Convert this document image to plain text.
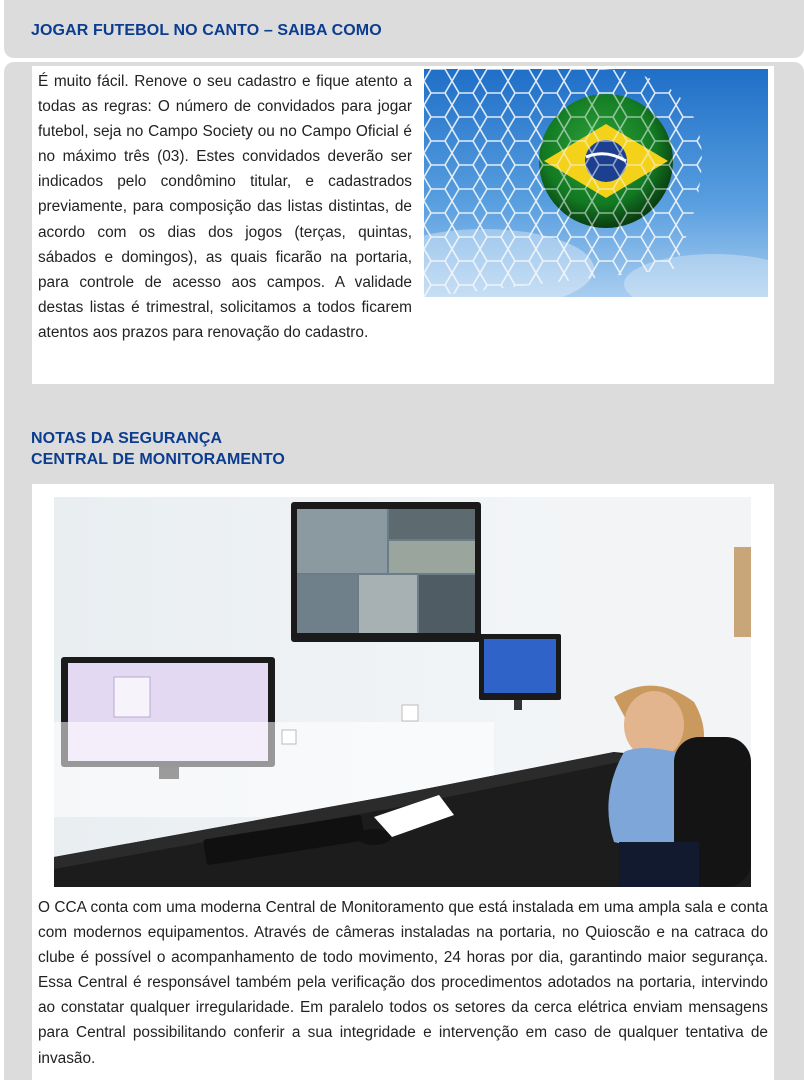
JOGAR FUTEBOL NO CANTO – SAIBA COMO

É muito fácil. Renove o seu cadastro e fique atento a todas as regras: O número de convidados para jogar futebol, seja no Campo Society ou no Campo Oficial é no máximo três (03). Estes convidados deverão ser indicados pelo condômino titular, e cadastrados previamente, para composição das listas distintas, de acordo com os dias dos jogos (terças, quintas, sábados e domingos), as quais ficarão na portaria, para controle de acesso aos campos. A validade destas listas é trimestral, solicitamos a todos ficarem atentos aos prazos para renovação do cadastro.

NOTAS DA SEGURANÇA
CENTRAL DE MONITORAMENTO

O CCA conta com uma moderna Central de Monitoramento que está instalada em uma ampla sala e conta com modernos equipamentos. Através de câmeras instaladas na portaria, no Quioscão e na catraca do clube é possível o acompanhamento de todo movimento, 24 horas por dia, garantindo maior segurança. Essa Central é responsável também pela verificação dos procedimentos adotados na portaria, intervindo ao constatar qualquer irregularidade. Em paralelo todos os setores da cerca elétrica enviam mensagens para Central possibilitando conferir a sua integridade e intervenção em caso de qualquer tentativa de invasão.
